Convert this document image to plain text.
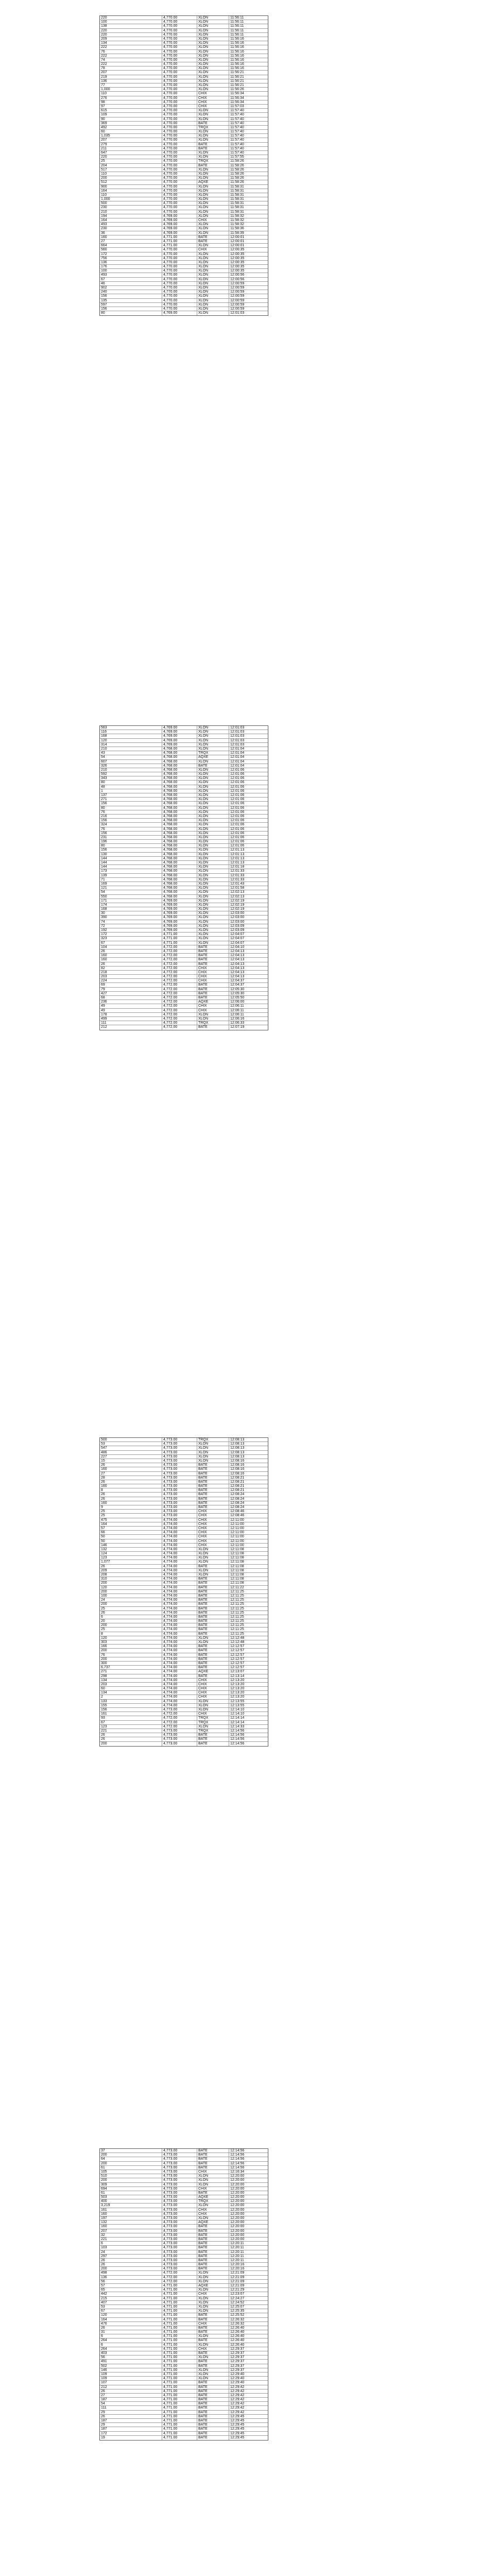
220	4,770.00	XLON	11:56:11
100	4,770.00	XLON	11:56:11
138	4,770.00	XLON	11:56:11
220	4,770.00	XLON	11:56:11
220	4,770.00	XLON	11:56:11
209	4,770.00	XLON	11:56:16
134	4,770.00	XLON	11:56:16
222	4,770.00	XLON	11:56:16
76	4,770.00	XLON	11:56:16
222	4,770.00	XLON	11:56:16
74	4,770.00	XLON	11:56:16
222	4,770.00	XLON	11:56:16
78	4,770.00	XLON	11:56:16
207	4,770.00	XLON	11:56:21
219	4,770.00	XLON	11:56:21
136	4,770.00	XLON	11:56:21
77	4,770.00	XLON	11:56:21
1,000	4,770.00	XLON	11:56:26
110	4,770.00	CHIX	11:56:34
276	4,770.00	CHIX	11:56:34
98	4,770.00	CHIX	11:56:34
97	4,770.00	CHIX	11:57:03
615	4,770.00	XLON	11:57:40
109	4,770.00	XLON	11:57:40
90	4,770.00	XLON	11:57:40
369	4,770.00	BATE	11:57:40
492	4,770.00	TRQX	11:57:40
60	4,770.00	XLON	11:57:40
1,035	4,770.00	XLON	11:57:40
207	4,770.00	XLON	11:57:40
279	4,770.00	BATE	11:57:40
211	4,770.00	BATE	11:57:40
647	4,770.00	XLON	11:57:40
220	4,770.00	XLON	11:57:55
25	4,770.00	TRQX	11:58:26
204	4,770.00	BATE	11:58:26
517	4,770.00	XLON	11:58:26
110	4,770.00	XLON	11:58:26
200	4,770.00	XLON	11:58:26
512	4,770.00	AQXE	11:58:26
900	4,770.00	XLON	11:58:31
164	4,770.00	XLON	11:58:31
110	4,770.00	XLON	11:58:31
1,000	4,770.00	XLON	11:58:31
500	4,770.00	XLON	11:58:31
230	4,770.00	XLON	11:58:31
210	4,770.00	XLON	11:58:31
194	4,769.00	XLON	11:58:32
164	4,769.00	CHIX	11:58:32
493	4,769.00	XLON	11:58:32
230	4,769.00	XLON	11:58:36
36	4,769.00	XLON	11:58:39
160	4,771.00	BATE	12:00:01
27	4,771.00	BATE	12:00:01
664	4,771.00	XLON	12:00:01
560	4,770.00	CHIX	12:00:35
172	4,770.00	XLON	12:00:35
756	4,770.00	XLON	12:00:35
136	4,770.00	XLON	12:00:35
176	4,770.00	XLON	12:00:35
100	4,770.00	XLON	12:00:35
493	4,770.00	XLON	12:00:56
67	4,770.00	XLON	12:00:56
46	4,770.00	XLON	12:00:59
902	4,770.00	XLON	12:00:59
240	4,770.00	XLON	12:00:59
156	4,770.00	XLON	12:00:59
135	4,770.00	XLON	12:00:59
597	4,770.00	XLON	12:00:59
156	4,770.00	XLON	12:00:59
80	4,769.00	XLON	12:01:03
563	4,769.00	XLON	12:01:03
116	4,769.00	XLON	12:01:03
168	4,769.00	XLON	12:01:03
120	4,769.00	XLON	12:01:03
314	4,769.00	XLON	12:01:03
210	4,768.00	XLON	12:01:04
43	4,768.00	TRQX	12:01:04
54	4,768.00	AQXE	12:01:04
607	4,768.00	XLON	12:01:04
326	4,768.00	BATE	12:01:04
210	4,768.00	XLON	12:01:06
592	4,768.00	XLON	12:01:06
343	4,768.00	XLON	12:01:06
80	4,768.00	XLON	12:01:06
48	4,768.00	XLON	12:01:06
1	4,768.00	XLON	12:01:06
137	4,768.00	XLON	12:01:06
271	4,768.00	XLON	12:01:06
156	4,768.00	XLON	12:01:06
80	4,768.00	XLON	12:01:06
76	4,768.00	XLON	12:01:06
216	4,768.00	XLON	12:01:06
156	4,768.00	XLON	12:01:06
324	4,768.00	XLON	12:01:06
76	4,768.00	XLON	12:01:06
156	4,768.00	XLON	12:01:06
231	4,768.00	XLON	12:01:06
196	4,768.00	XLON	12:01:06
80	4,768.00	XLON	12:01:06
156	4,768.00	XLON	12:01:13
130	4,768.00	XLON	12:01:13
144	4,768.00	XLON	12:01:13
144	4,768.00	XLON	12:01:13
144	4,768.00	XLON	12:01:18
173	4,768.00	XLON	12:01:33
139	4,768.00	XLON	12:01:33
71	4,768.00	XLON	12:01:33
169	4,768.00	XLON	12:01:43
121	4,768.00	XLON	12:01:58
54	4,768.00	XLON	12:02:13
550	4,768.00	XLON	12:02:13
171	4,769.00	XLON	12:02:19
174	4,769.00	XLON	12:02:19
168	4,769.00	XLON	12:02:19
30	4,769.00	XLON	12:03:00
390	4,769.00	XLON	12:03:00
74	4,769.00	XLON	12:03:00
72	4,769.00	XLON	12:03:09
192	4,769.00	XLON	12:03:09
172	4,771.00	XLON	12:04:07
323	4,771.00	XLON	12:04:07
67	4,771.00	XLON	12:04:07
104	4,772.00	BATE	12:04:10
26	4,772.00	BATE	12:04:13
160	4,772.00	BATE	12:04:13
160	4,772.00	BATE	12:04:13
26	4,772.00	BATE	12:04:13
82	4,772.00	CHIX	12:04:13
218	4,772.00	CHIX	12:04:13
203	4,772.00	CHIX	12:04:13
224	4,772.00	CHIX	12:04:37
69	4,772.00	BATE	12:04:37
79	4,772.00	BATE	12:05:30
427	4,772.00	BATE	12:05:30
68	4,772.00	BATE	12:05:50
236	4,772.00	AQXE	12:06:00
49	4,772.00	CHIX	12:06:11
49	4,772.00	CHIX	12:06:11
178	4,772.00	XLON	12:06:11
499	4,772.00	XLON	12:06:16
111	4,772.00	TRQX	12:06:33
212	4,772.00	BATE	12:07:19
500	4,773.00	TRQX	12:08:13
53	4,773.00	XLON	12:08:13
547	4,773.00	XLON	12:08:13
486	4,773.00	XLON	12:08:13
227	4,773.00	XLON	12:08:13
15	4,773.00	XLON	12:08:16
26	4,773.00	BATE	12:08:16
160	4,773.00	BATE	12:08:16
27	4,773.00	BATE	12:08:16
28	4,773.00	BATE	12:08:21
26	4,773.00	BATE	12:08:21
160	4,773.00	BATE	12:08:21
8	4,773.00	BATE	12:08:21
26	4,773.00	BATE	12:08:24
26	4,773.00	BATE	12:08:24
160	4,773.00	BATE	12:08:24
9	4,773.00	BATE	12:08:24
25	4,773.00	CHIX	12:08:46
25	4,773.00	CHIX	12:08:46
475	4,774.00	CHIX	12:11:00
164	4,774.00	CHIX	12:11:00
57	4,774.00	CHIX	12:11:00
66	4,774.00	CHIX	12:11:00
50	4,774.00	CHIX	12:11:00
50	4,774.00	CHIX	12:11:00
146	4,774.00	CHIX	12:11:00
132	4,774.00	XLON	12:11:08
124	4,774.00	XLON	12:11:08
123	4,774.00	XLON	12:11:08
1,077	4,774.00	XLON	12:11:08
26	4,774.00	BATE	12:11:08
209	4,774.00	XLON	12:11:08
208	4,774.00	XLON	12:11:08
310	4,774.00	BATE	12:11:08
200	4,774.00	BATE	12:11:08
120	4,774.00	BATE	12:11:22
200	4,774.00	BATE	12:11:25
100	4,774.00	BATE	12:11:25
24	4,774.00	BATE	12:11:25
200	4,774.00	BATE	12:11:25
25	4,774.00	BATE	12:11:25
26	4,774.00	BATE	12:11:25
6	4,774.00	BATE	12:11:25
20	4,774.00	BATE	12:11:25
200	4,774.00	BATE	12:11:25
25	4,774.00	BATE	12:11:25
8	4,774.00	BATE	12:11:25
120	4,774.00	XLON	12:12:48
303	4,774.00	XLON	12:12:48
166	4,774.00	BATE	12:12:57
200	4,774.00	BATE	12:12:57
76	4,774.00	BATE	12:12:57
200	4,774.00	BATE	12:12:57
300	4,774.00	BATE	12:12:57
6,737	4,774.00	BATE	12:12:57
271	4,774.00	AQXE	12:13:07
298	4,774.00	BATE	12:13:14
134	4,774.00	CHIX	12:13:20
203	4,774.00	CHIX	12:13:20
60	4,774.00	CHIX	12:13:20
134	4,774.00	CHIX	12:13:20
2	4,774.00	CHIX	12:13:20
133	4,774.00	XLON	12:13:55
155	4,774.00	XLON	12:13:55
156	4,773.00	XLON	12:14:10
161	4,772.00	CHIX	12:14:10
93	4,772.00	TRQX	12:14:14
67	4,772.00	TRQX	12:14:14
123	4,772.00	XLON	12:14:33
221	4,773.00	TRQX	12:14:56
26	4,773.00	BATE	12:14:56
26	4,773.00	BATE	12:14:56
200	4,773.00	BATE	12:14:56
37	4,773.00	BATE	12:14:56
200	4,773.00	BATE	12:14:56
64	4,773.00	BATE	12:14:56
200	4,773.00	BATE	12:14:56
61	4,773.00	BATE	12:14:56
105	4,773.00	CHIX	12:16:34
510	4,773.00	XLON	12:20:00
200	4,773.00	XLON	12:20:00
309	4,773.00	XLON	12:20:00
694	4,773.00	CHIX	12:20:00
61	4,773.00	BATE	12:20:00
503	4,773.00	AQXE	12:20:00
400	4,773.00	TRQX	12:20:00
3,219	4,773.00	XLON	12:20:00
161	4,773.00	CHIX	12:20:00
160	4,773.00	CHIX	12:20:00
197	4,773.00	XLON	12:20:00
132	4,773.00	AQXE	12:20:00
160	4,773.00	BATE	12:20:00
207	4,773.00	BATE	12:20:00
32	4,773.00	BATE	12:20:00
221	4,773.00	BATE	12:20:00
6	4,773.00	BATE	12:20:11
103	4,773.00	BATE	12:20:11
24	4,773.00	BATE	12:20:11
297	4,773.00	BATE	12:20:11
26	4,773.00	BATE	12:20:11
26	4,773.00	BATE	12:20:16
200	4,773.00	BATE	12:20:16
498	4,772.00	XLON	12:21:09
136	4,772.00	XLON	12:21:09
56	4,772.00	XLON	12:21:09
57	4,771.00	AQXE	12:21:09
65	4,771.00	XLON	12:21:29
442	4,771.00	CHIX	12:23:07
215	4,771.00	XLON	12:24:27
407	4,771.00	XLON	12:24:52
53	4,771.00	XLON	12:25:07
67	4,771.00	XLON	12:25:35
120	4,771.00	BATE	12:25:52
164	4,771.00	BATE	12:26:32
476	4,771.00	CHIX	12:26:32
26	4,771.00	BATE	12:26:40
31	4,771.00	BATE	12:26:40
6	4,771.00	XLON	12:26:40
264	4,771.00	BATE	12:26:40
6	4,771.00	XLON	12:26:40
264	4,771.00	CHIX	12:29:37
403	4,771.00	BATE	12:29:37
56	4,771.00	XLON	12:29:37
491	4,771.00	BATE	12:29:37
502	4,771.00	BATE	12:29:37
146	4,771.00	XLON	12:29:37
109	4,771.00	XLON	12:29:40
109	4,771.00	XLON	12:29:40
107	4,771.00	BATE	12:29:40
212	4,771.00	BATE	12:29:42
26	4,771.00	BATE	12:29:42
27	4,771.00	BATE	12:29:42
187	4,771.00	BATE	12:29:42
54	4,771.00	BATE	12:29:42
111	4,771.00	BATE	12:29:42
29	4,771.00	BATE	12:29:42
26	4,771.00	BATE	12:29:45
187	4,771.00	BATE	12:29:45
29	4,771.00	BATE	12:29:45
187	4,771.00	BATE	12:29:45
172	4,771.00	BATE	12:29:45
19	4,771.00	BATE	12:29:45
